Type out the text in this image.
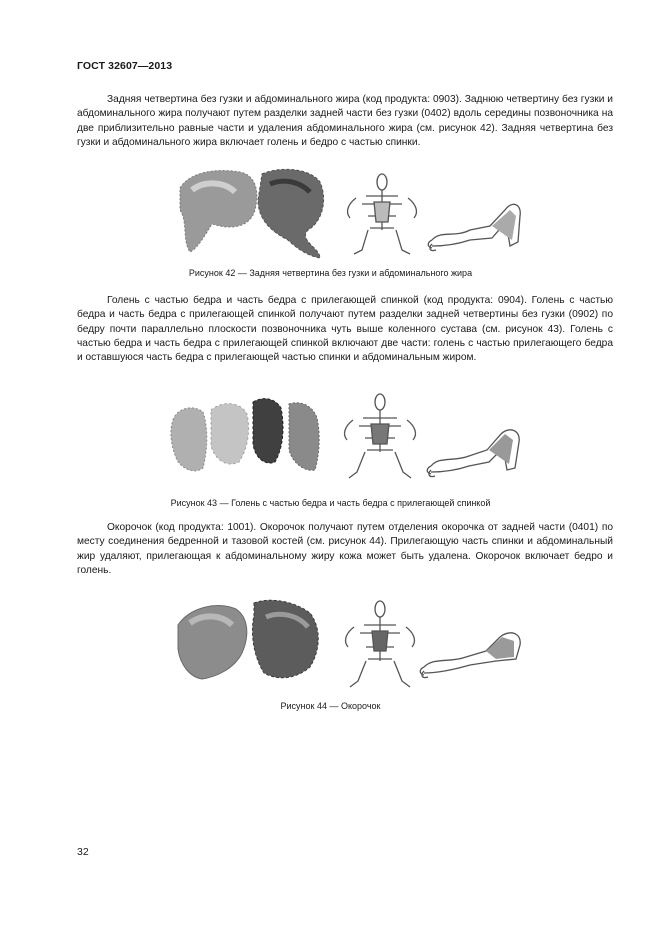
ГОСТ 32607—2013

Задняя четвертина без гузки и абдоминального жира (код продукта: 0903). Заднюю четвертину без гузки и абдоминального жира получают путем разделки задней части без гузки (0402) вдоль середины позвоночника на две приблизительно равные части и удаления абдоминального жира (см. рисунок 42). Задняя четвертина без гузки и абдоминального жира включает голень и бедро с частью спинки.

Рисунок 42 — Задняя четвертина без гузки и абдоминального жира

Голень с частью бедра и часть бедра с прилегающей спинкой (код продукта: 0904). Голень с частью бедра и часть бедра с прилегающей спинкой получают путем разделки задней четвертины без гузки (0902) по бедру почти параллельно плоскости позвоночника чуть выше коленного сустава (см. рисунок 43). Голень с частью бедра и часть бедра с прилегающей спинкой включают две части: голень с частью прилегающего бедра и оставшуюся часть бедра с прилегающей частью спинки и абдоминальным жиром.

Рисунок 43 — Голень с частью бедра и часть бедра с прилегающей спинкой

Окорочок (код продукта: 1001). Окорочок получают путем отделения окорочка от задней части (0401) по месту соединения бедренной и тазовой костей (см. рисунок 44). Прилегающую часть спинки и абдоминальный жир удаляют, прилегающая к абдоминальному жиру кожа может быть удалена. Окорочок включает бедро и голень.

Рисунок 44 — Окорочок
32
